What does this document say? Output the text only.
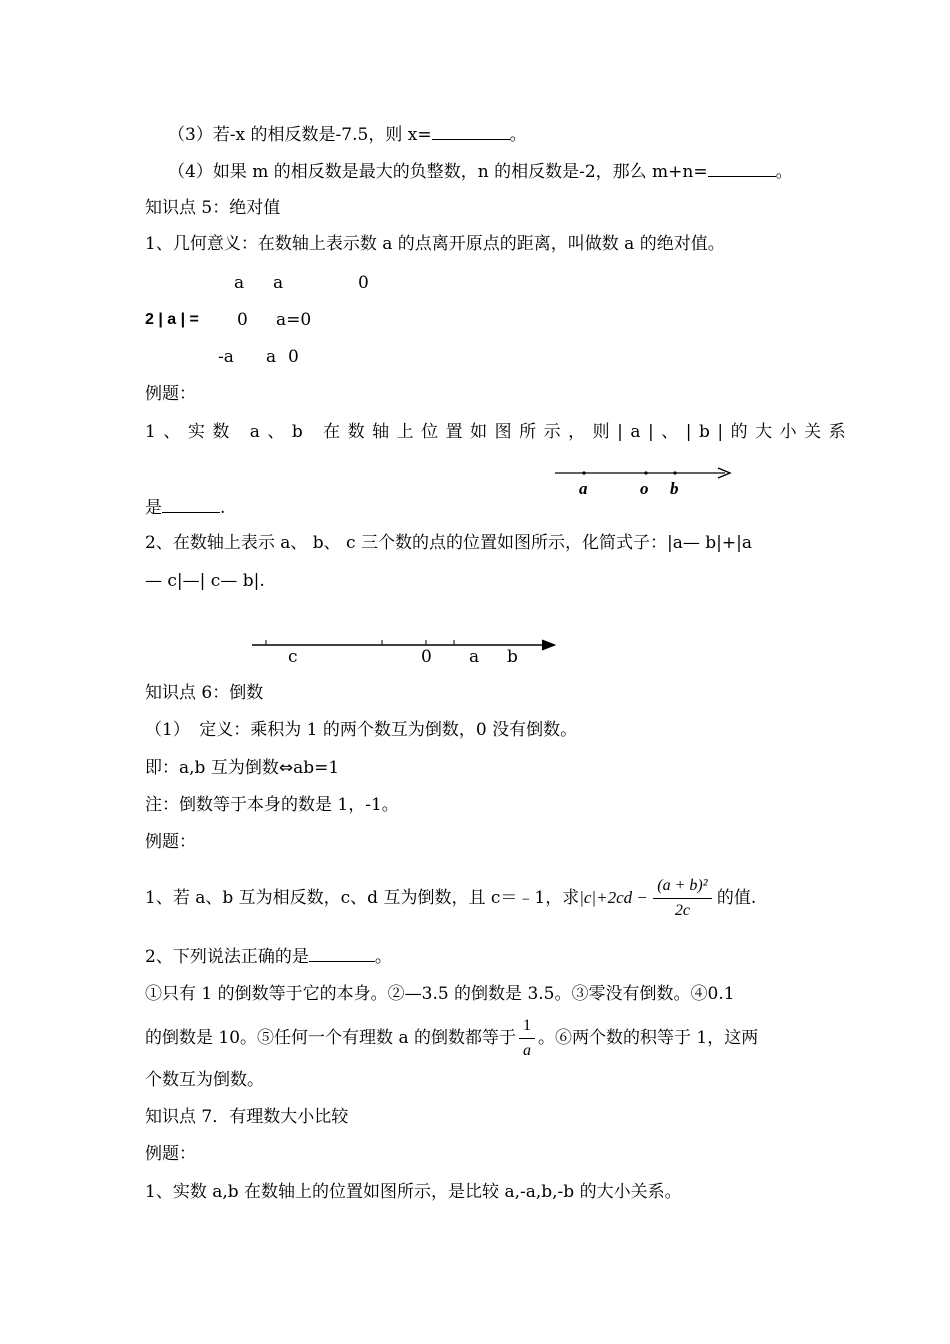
（3）若-x 的相反数是-7.5，则 x=	。
（4）如果 m 的相反数是最大的负整数，n 的相反数是-2，那么 m+n=	。
知识点 5：绝对值
1、几何意义：在数轴上表示数 a 的点离开原点的距离，叫做数 a 的绝对值。
a a	0
2 | a | = 0 a=0
-a a 0
例题：
1、实数 a、b 在数轴上位置如图所示，则|a|、|b|的大小关系
a	o b
是	.
2、在数轴上表示 a、 b、 c 三个数的点的位置如图所示，化简式子：|a— b|+|a
— c|—| c— b|.
c	0 a b
知识点 6：倒数
（1） 定义：乘积为 1 的两个数互为倒数，0 没有倒数。
即：a,b 互为倒数⇔ab=1
注：倒数等于本身的数是 1，-1。
例题：
1、若 a、b 互为相反数，c、d 互为倒数，且 c＝﹣1，求$|c|+2cd - \frac{\text{(a + b)²}}{2c}$ 的值.
2、下列说法正确的是	。
①只有 1 的倒数等于它的本身。②—3.5 的倒数是 3.5。③零没有倒数。④0.1
的倒数是 10。⑤任何一个有理数 a 的倒数都等于 $\frac{1}{a}$ 。⑥两个数的积等于 1，这两
个数互为倒数。
知识点 7．有理数大小比较
例题：
1、实数 a,b 在数轴上的位置如图所示，是比较 a,-a,b,-b 的大小关系。
